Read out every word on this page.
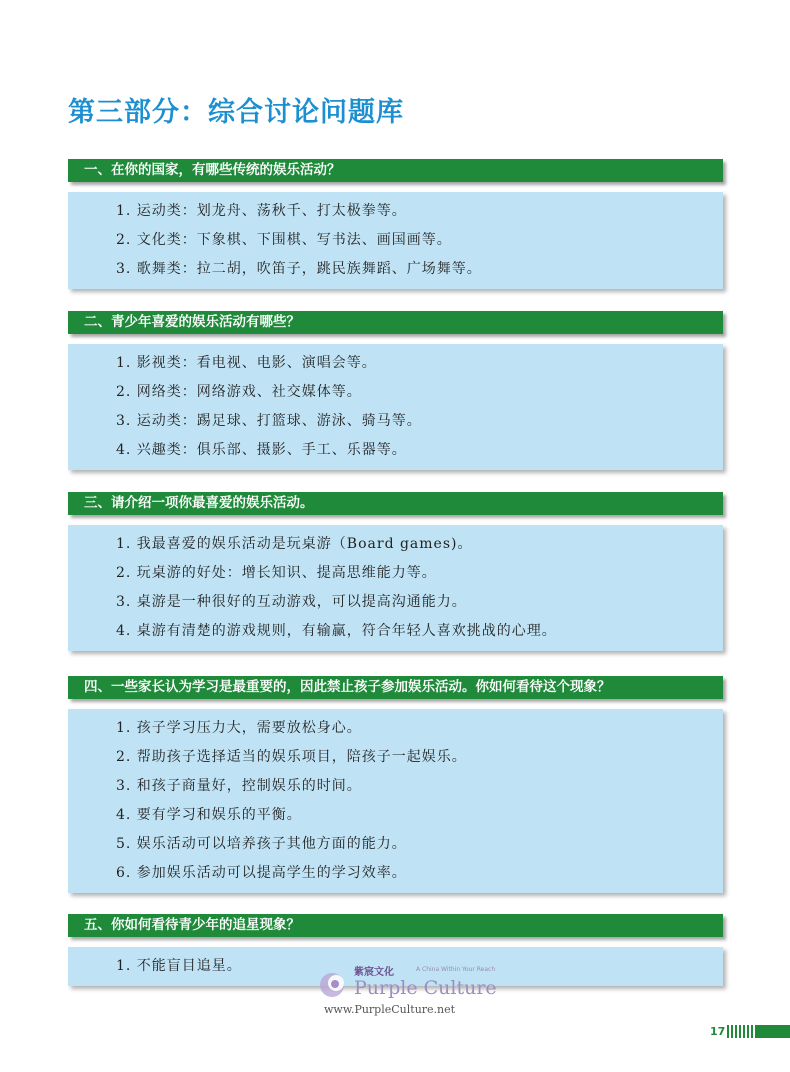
第三部分：综合讨论问题库
一、在你的国家，有哪些传统的娱乐活动？
1. 运动类：划龙舟、荡秋千、打太极拳等。
2. 文化类：下象棋、下围棋、写书法、画国画等。
3. 歌舞类：拉二胡，吹笛子，跳民族舞蹈、广场舞等。
二、青少年喜爱的娱乐活动有哪些？
1. 影视类：看电视、电影、演唱会等。
2. 网络类：网络游戏、社交媒体等。
3. 运动类：踢足球、打篮球、游泳、骑马等。
4. 兴趣类：俱乐部、摄影、手工、乐器等。
三、请介绍一项你最喜爱的娱乐活动。
1. 我最喜爱的娱乐活动是玩桌游（Board games)。
2. 玩桌游的好处：增长知识、提高思维能力等。
3. 桌游是一种很好的互动游戏，可以提高沟通能力。
4. 桌游有清楚的游戏规则，有输赢，符合年轻人喜欢挑战的心理。
四、一些家长认为学习是最重要的，因此禁止孩子参加娱乐活动。你如何看待这个现象？
1. 孩子学习压力大，需要放松身心。
2. 帮助孩子选择适当的娱乐项目，陪孩子一起娱乐。
3. 和孩子商量好，控制娱乐的时间。
4. 要有学习和娱乐的平衡。
5. 娱乐活动可以培养孩子其他方面的能力。
6. 参加娱乐活动可以提高学生的学习效率。
五、你如何看待青少年的追星现象？
1. 不能盲目追星。	紫宸文化	A China Within Your Reach
Purple Culture
www.PurpleCulture.net
17
